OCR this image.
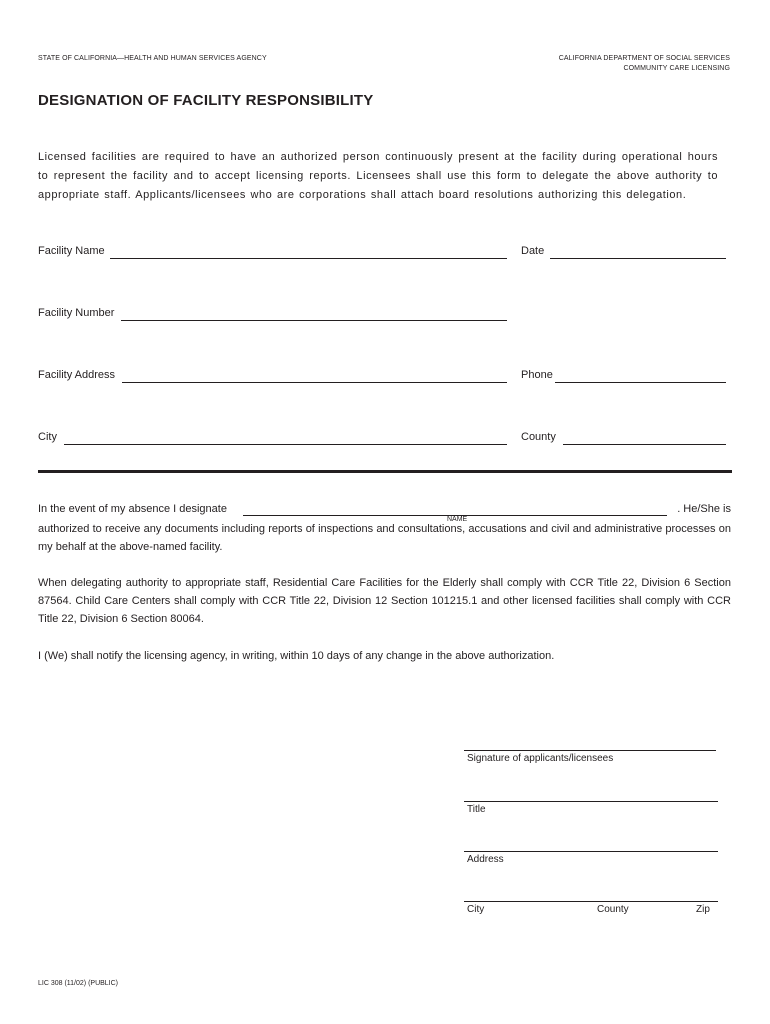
STATE OF CALIFORNIA—HEALTH AND HUMAN SERVICES AGENCY	CALIFORNIA DEPARTMENT OF SOCIAL SERVICES
COMMUNITY CARE LICENSING
DESIGNATION OF FACILITY RESPONSIBILITY
Licensed facilities are required to have an authorized person continuously present at the facility during operational hours to represent the facility and to accept licensing reports. Licensees shall use this form to delegate the above authority to appropriate staff. Applicants/licensees who are corporations shall attach board resolutions authorizing this delegation.
Facility Name	Date
Facility Number
Facility Address	Phone
City	County
In the event of my absence I designate
NAME
. He/She is
authorized to receive any documents including reports of inspections and consultations, accusations and civil and administrative processes on my behalf at the above-named facility.
When delegating authority to appropriate staff, Residential Care Facilities for the Elderly shall comply with CCR Title 22, Division 6 Section 87564. Child Care Centers shall comply with CCR Title 22, Division 12 Section 101215.1 and other licensed facilities shall comply with CCR Title 22, Division 6 Section 80064.
I (We) shall notify the licensing agency, in writing, within 10 days of any change in the above authorization.
Signature of applicants/licensees
Title
Address
City	County	Zip
LIC 308 (11/02) (PUBLIC)
